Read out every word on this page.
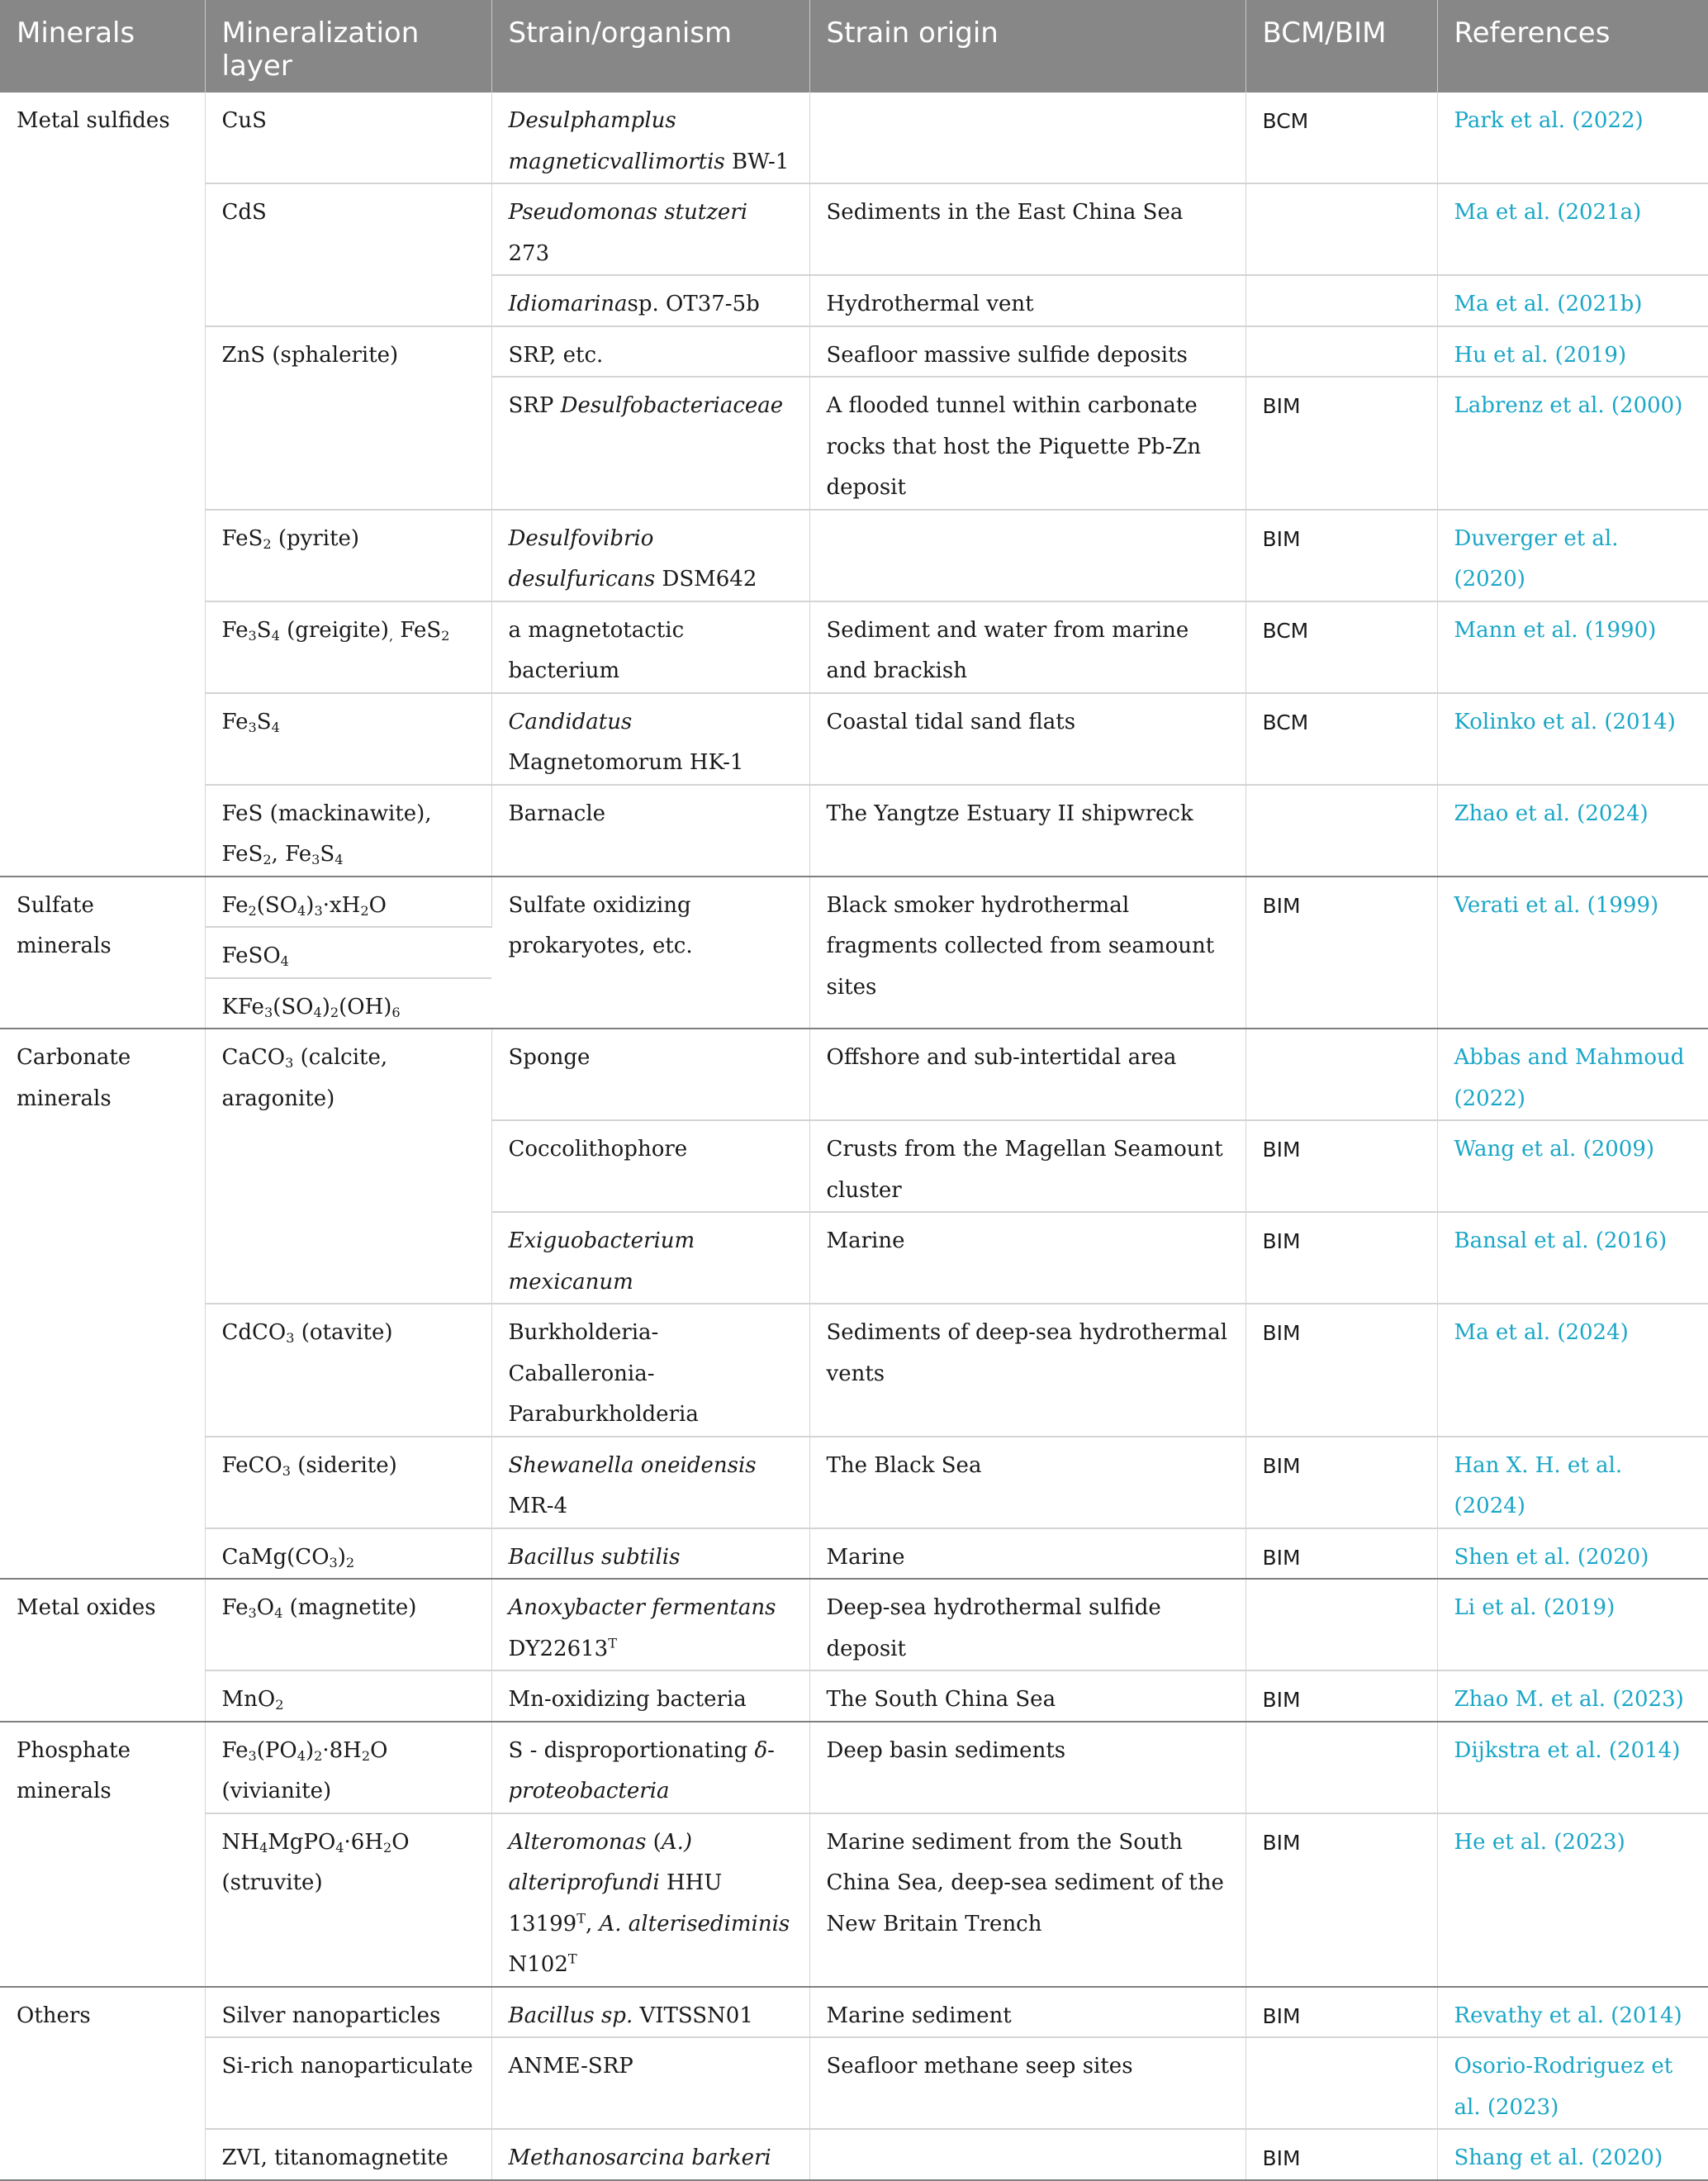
Minerals	Mineralization layer	Strain/organism	Strain origin	BCM/BIM	References
Metal sulfides	CuS	Desulphamplus magneticvallimortis BW-1		BCM	Park et al. (2022)
	CdS	Pseudomonas stutzeri 273	Sediments in the East China Sea		Ma et al. (2021a)
		Idiomarinasp. OT37-5b	Hydrothermal vent		Ma et al. (2021b)
	ZnS (sphalerite)	SRP, etc.	Seafloor massive sulfide deposits		Hu et al. (2019)
		SRP Desulfobacteriaceae	A flooded tunnel within carbonate rocks that host the Piquette Pb-Zn deposit	BIM	Labrenz et al. (2000)
	FeS$_2$ (pyrite)	Desulfovibrio desulfuricans DSM642		BIM	Duverger et al. (2020)
	$Fe_3S_4$ $(greigite)_,$ FeS$_2$	a magnetotactic bacterium	Sediment and water from marine and brackish	BCM	Mann et al. (1990)
	$Fe_3S_4$	Candidatus Magnetomorum HK-1	Coastal tidal sand flats	BCM	Kolinko et al. (2014)
	FeS (mackinawite), FeS$_2$, $Fe_3S_4$	Barnacle	The Yangtze Estuary II shipwreck		Zhao et al. (2024)
Sulfate minerals	$Fe_2(SO_4)_3\cdot xH_2O$	Sulfate oxidizing prokaryotes, etc.	Black smoker hydrothermal fragments collected from seamount sites	BIM	Verati et al. (1999)
	FeSO$_4$
	$KFe_3(SO_4)_2(OH)_6$
Carbonate minerals	CaCO$_3$ (calcite, aragonite)	Sponge	Offshore and sub-intertidal area		Abbas and Mahmoud (2022)
		Coccolithophore	Crusts from the Magellan Seamount cluster	BIM	Wang et al. (2009)
		Exiguobacterium mexicanum	Marine	BIM	Bansal et al. (2016)
	CdCO$_3$ (otavite)	Burkholderia-Caballeronia-Paraburkholderia	Sediments of deep-sea hydrothermal vents	BIM	Ma et al. (2024)
	FeCO$_3$ (siderite)	Shewanella oneidensis MR-4	The Black Sea	BIM	Han X. H. et al. (2024)
	$CaMg(CO_3)_2$	Bacillus subtilis	Marine	BIM	Shen et al. (2020)
Metal oxides	$Fe_3O_4$ (magnetite)	Anoxybacter fermentans $DY22613^T$	Deep-sea hydrothermal sulfide deposit		Li et al. (2019)
	MnO$_2$	Mn-oxidizing bacteria	The South China Sea	BIM	Zhao M. et al. (2023)
Phosphate minerals	$Fe_3(PO_4)_2\cdot 8H_2O$ (vivianite)	S - disproportionating δ-proteobacteria	Deep basin sediments		Dijkstra et al. (2014)
	$NH_4MgPO_4\cdot 6H_2O$ (struvite)	Alteromonas (A.) alteriprofundi HHU $13199^T$, A. alterisediminis $N102^T$	Marine sediment from the South China Sea, deep-sea sediment of the New Britain Trench	BIM	He et al. (2023)
Others	Silver nanoparticles	Bacillus sp. VITSSN01	Marine sediment	BIM	Revathy et al. (2014)
	Si-rich nanoparticulate	ANME-SRP	Seafloor methane seep sites		Osorio-Rodriguez et al. (2023)
	ZVI, titanomagnetite	Methanosarcina barkeri		BIM	Shang et al. (2020)
